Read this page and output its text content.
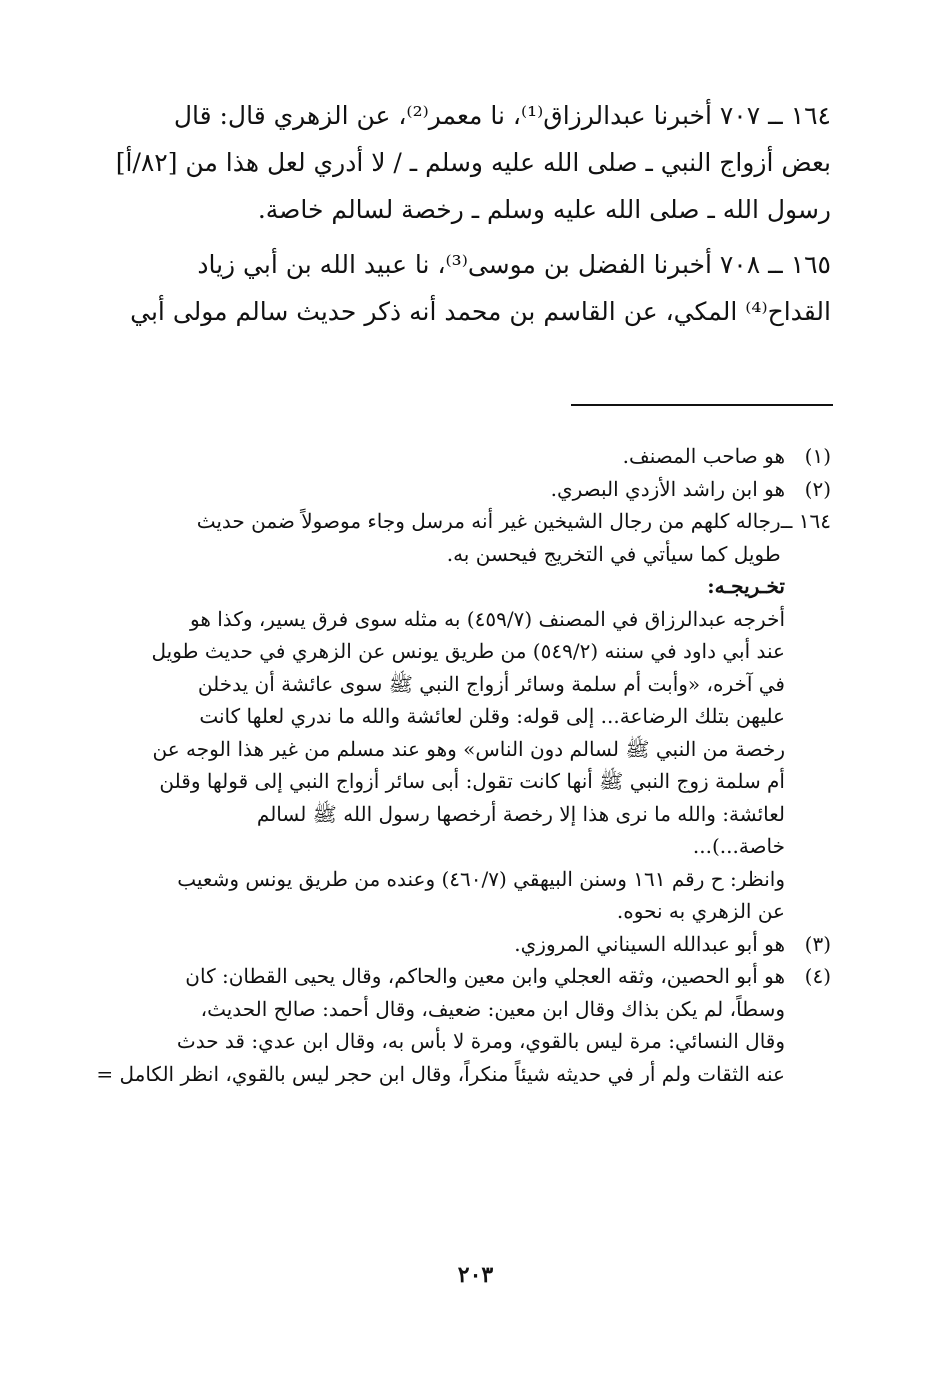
١٦٤ ــ ٧٠٧ أخبرنا عبدالرزاق⁽¹⁾، نا معمر⁽²⁾، عن الزهري قال: قال
بعض أزواج النبي ـ صلى الله عليه وسلم ـ / لا أدري لعل هذا من [٨٢/أ]
رسول الله ـ صلى الله عليه وسلم ـ رخصة لسالم خاصة.

١٦٥ ــ ٧٠٨ أخبرنا الفضل بن موسى⁽³⁾، نا عبيد الله بن أبي زياد
القداح⁽⁴⁾ المكي، عن القاسم بن محمد أنه ذكر حديث سالم مولى أبي

(١)
هو صاحب المصنف.
(٢)
هو ابن راشد الأزدي البصري.
١٦٤ ــ
رجاله كلهم من رجال الشيخين غير أنه مرسل وجاء موصولاً ضمن حديث
طويل كما سيأتي في التخريج فيحسن به.
تخـريجـه:
أخرجه عبدالرزاق في المصنف (٤٥٩/٧) به مثله سوى فرق يسير، وكذا هو
عند أبي داود في سننه (٥٤٩/٢) من طريق يونس عن الزهري في حديث طويل
في آخره، «وأبت أم سلمة وسائر أزواج النبي ﷺ سوى عائشة أن يدخلن
عليهن بتلك الرضاعة... إلى قوله: وقلن لعائشة والله ما ندري لعلها كانت
رخصة من النبي ﷺ لسالم دون الناس» وهو عند مسلم من غير هذا الوجه عن
أم سلمة زوج النبي ﷺ أنها كانت تقول: أبى سائر أزواج النبي إلى قولها وقلن
لعائشة: والله ما نرى هذا إلا رخصة أرخصها رسول الله ﷺ لسالم
خاصة...)...
وانظر: ح رقم ١٦١ وسنن البيهقي (٤٦٠/٧) وعنده من طريق يونس وشعيب
عن الزهري به نحوه.
(٣)
هو أبو عبدالله السيناني المروزي.
(٤)
هو أبو الحصين، وثقه العجلي وابن معين والحاكم، وقال يحيى القطان: كان
وسطاً، لم يكن بذاك وقال ابن معين: ضعيف، وقال أحمد: صالح الحديث،
وقال النسائي: مرة ليس بالقوي، ومرة لا بأس به، وقال ابن عدي: قد حدث
عنه الثقات ولم أر في حديثه شيئاً منكراً، وقال ابن حجر ليس بالقوي، انظر الكامل =
٢٠٣
